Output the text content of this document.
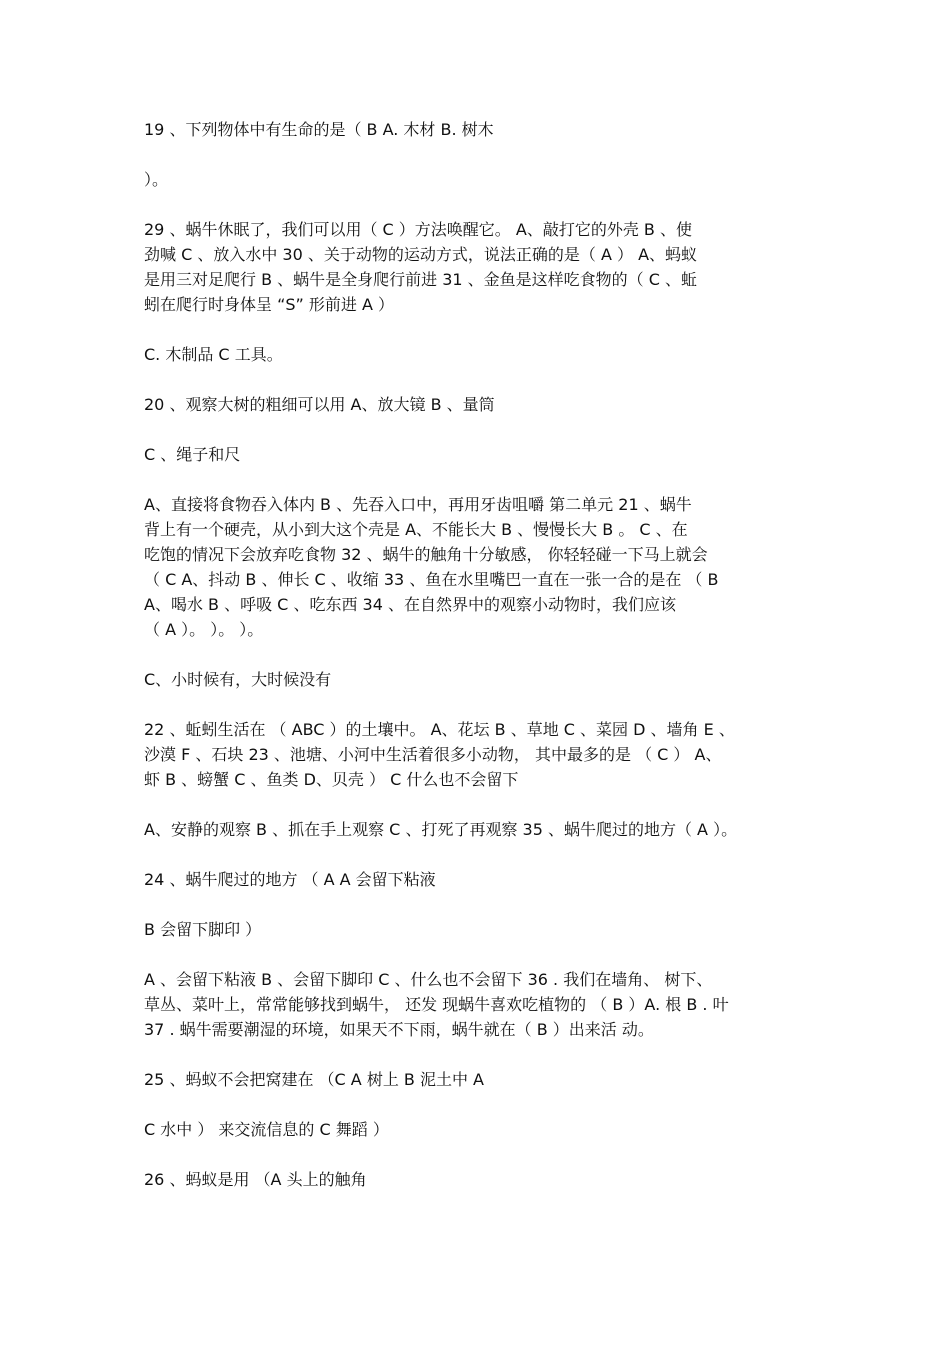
19 、下列物体中有生命的是（ B A. 木材 B. 树木

）。

29 、蜗牛休眠了，我们可以用（ C ）方法唤醒它。 A、敲打它的外壳 B 、使
劲喊 C 、放入水中 30 、关于动物的运动方式，说法正确的是（ A ） A、蚂蚁
是用三对足爬行 B 、蜗牛是全身爬行前进 31 、金鱼是这样吃食物的（ C 、蚯
蚓在爬行时身体呈 “S” 形前进 A ）

C. 木制品 C 工具。

20 、观察大树的粗细可以用 A、放大镜 B 、量筒

C 、绳子和尺

A、直接将食物吞入体内 B 、先吞入口中，再用牙齿咀嚼 第二单元 21 、蜗牛
背上有一个硬壳，从小到大这个壳是 A、不能长大 B 、慢慢长大 B 。 C 、在
吃饱的情况下会放弃吃食物 32 、蜗牛的触角十分敏感， 你轻轻碰一下马上就会
（ C A、抖动 B 、伸长 C 、收缩 33 、鱼在水里嘴巴一直在一张一合的是在 （ B
A、喝水 B 、呼吸 C 、吃东西 34 、在自然界中的观察小动物时，我们应该
（ A ）。 ）。 ）。

C、小时候有，大时候没有

22 、蚯蚓生活在 （ ABC ）的土壤中。 A、花坛 B 、草地 C 、菜园 D 、墙角 E 、
沙漠 F 、石块 23 、池塘、小河中生活着很多小动物， 其中最多的是 （ C ） A、
虾 B 、螃蟹 C 、鱼类 D、贝壳 ） C 什么也不会留下

A、安静的观察 B 、抓在手上观察 C 、打死了再观察 35 、蜗牛爬过的地方（ A ）。

24 、蜗牛爬过的地方 （ A A 会留下粘液

B 会留下脚印 ）

A 、会留下粘液 B 、会留下脚印 C 、什么也不会留下 36 . 我们在墙角、 树下、
草丛、菜叶上，常常能够找到蜗牛， 还发 现蜗牛喜欢吃植物的 （ B ）A. 根 B . 叶
37 . 蜗牛需要潮湿的环境，如果天不下雨，蜗牛就在（ B ）出来活 动。

25 、蚂蚁不会把窝建在 （C A 树上 B 泥土中 A

C 水中 ） 来交流信息的 C 舞蹈 ）

26 、蚂蚁是用 （A 头上的触角
